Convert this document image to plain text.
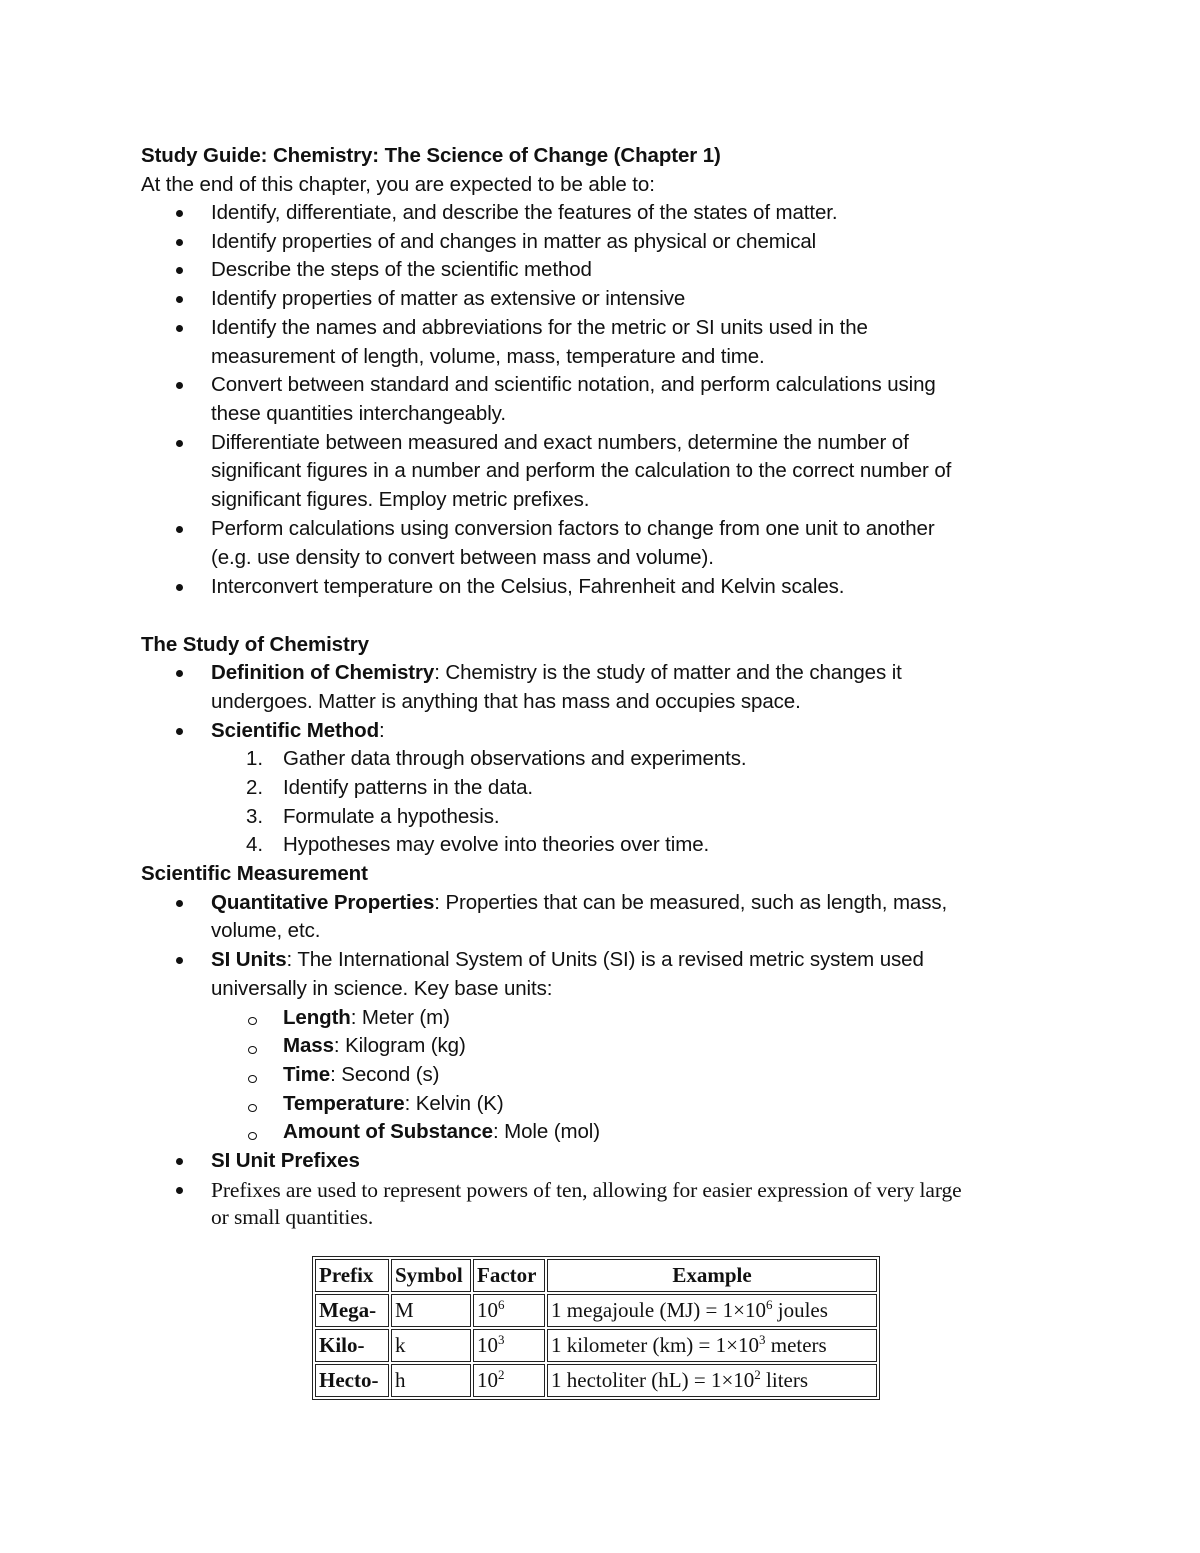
Study Guide: Chemistry: The Science of Change (Chapter 1)
At the end of this chapter, you are expected to be able to:
Identify, differentiate, and describe the features of the states of matter.
Identify properties of and changes in matter as physical or chemical
Describe the steps of the scientific method
Identify properties of matter as extensive or intensive
Identify the names and abbreviations for the metric or SI units used in the
measurement of length, volume, mass, temperature and time.
Convert between standard and scientific notation, and perform calculations using
these quantities interchangeably.
Differentiate between measured and exact numbers, determine the number of
significant figures in a number and perform the calculation to the correct number of
significant figures. Employ metric prefixes.
Perform calculations using conversion factors to change from one unit to another
(e.g. use density to convert between mass and volume).
Interconvert temperature on the Celsius, Fahrenheit and Kelvin scales.
The Study of Chemistry
Definition of Chemistry: Chemistry is the study of matter and the changes it
undergoes. Matter is anything that has mass and occupies space.
Scientific Method:
1. Gather data through observations and experiments.
2. Identify patterns in the data.
3. Formulate a hypothesis.
4. Hypotheses may evolve into theories over time.
Scientific Measurement
Quantitative Properties: Properties that can be measured, such as length, mass,
volume, etc.
SI Units: The International System of Units (SI) is a revised metric system used
universally in science. Key base units:
Length: Meter (m)
Mass: Kilogram (kg)
Time: Second (s)
Temperature: Kelvin (K)
Amount of Substance: Mole (mol)
SI Unit Prefixes
Prefixes are used to represent powers of ten, allowing for easier expression of very large
or small quantities.
Prefix	Symbol	Factor	Example
Mega-	M	$10^6$	1 megajoule $(MJ) = 1\times 10^6$ joules
Kilo-	k	$10^3$	1 kilometer $(km) = 1\times 10^3$ meters
Hecto-	h	$10^2$	1 hectoliter $(hL) = 1\times 10^2$ liters
